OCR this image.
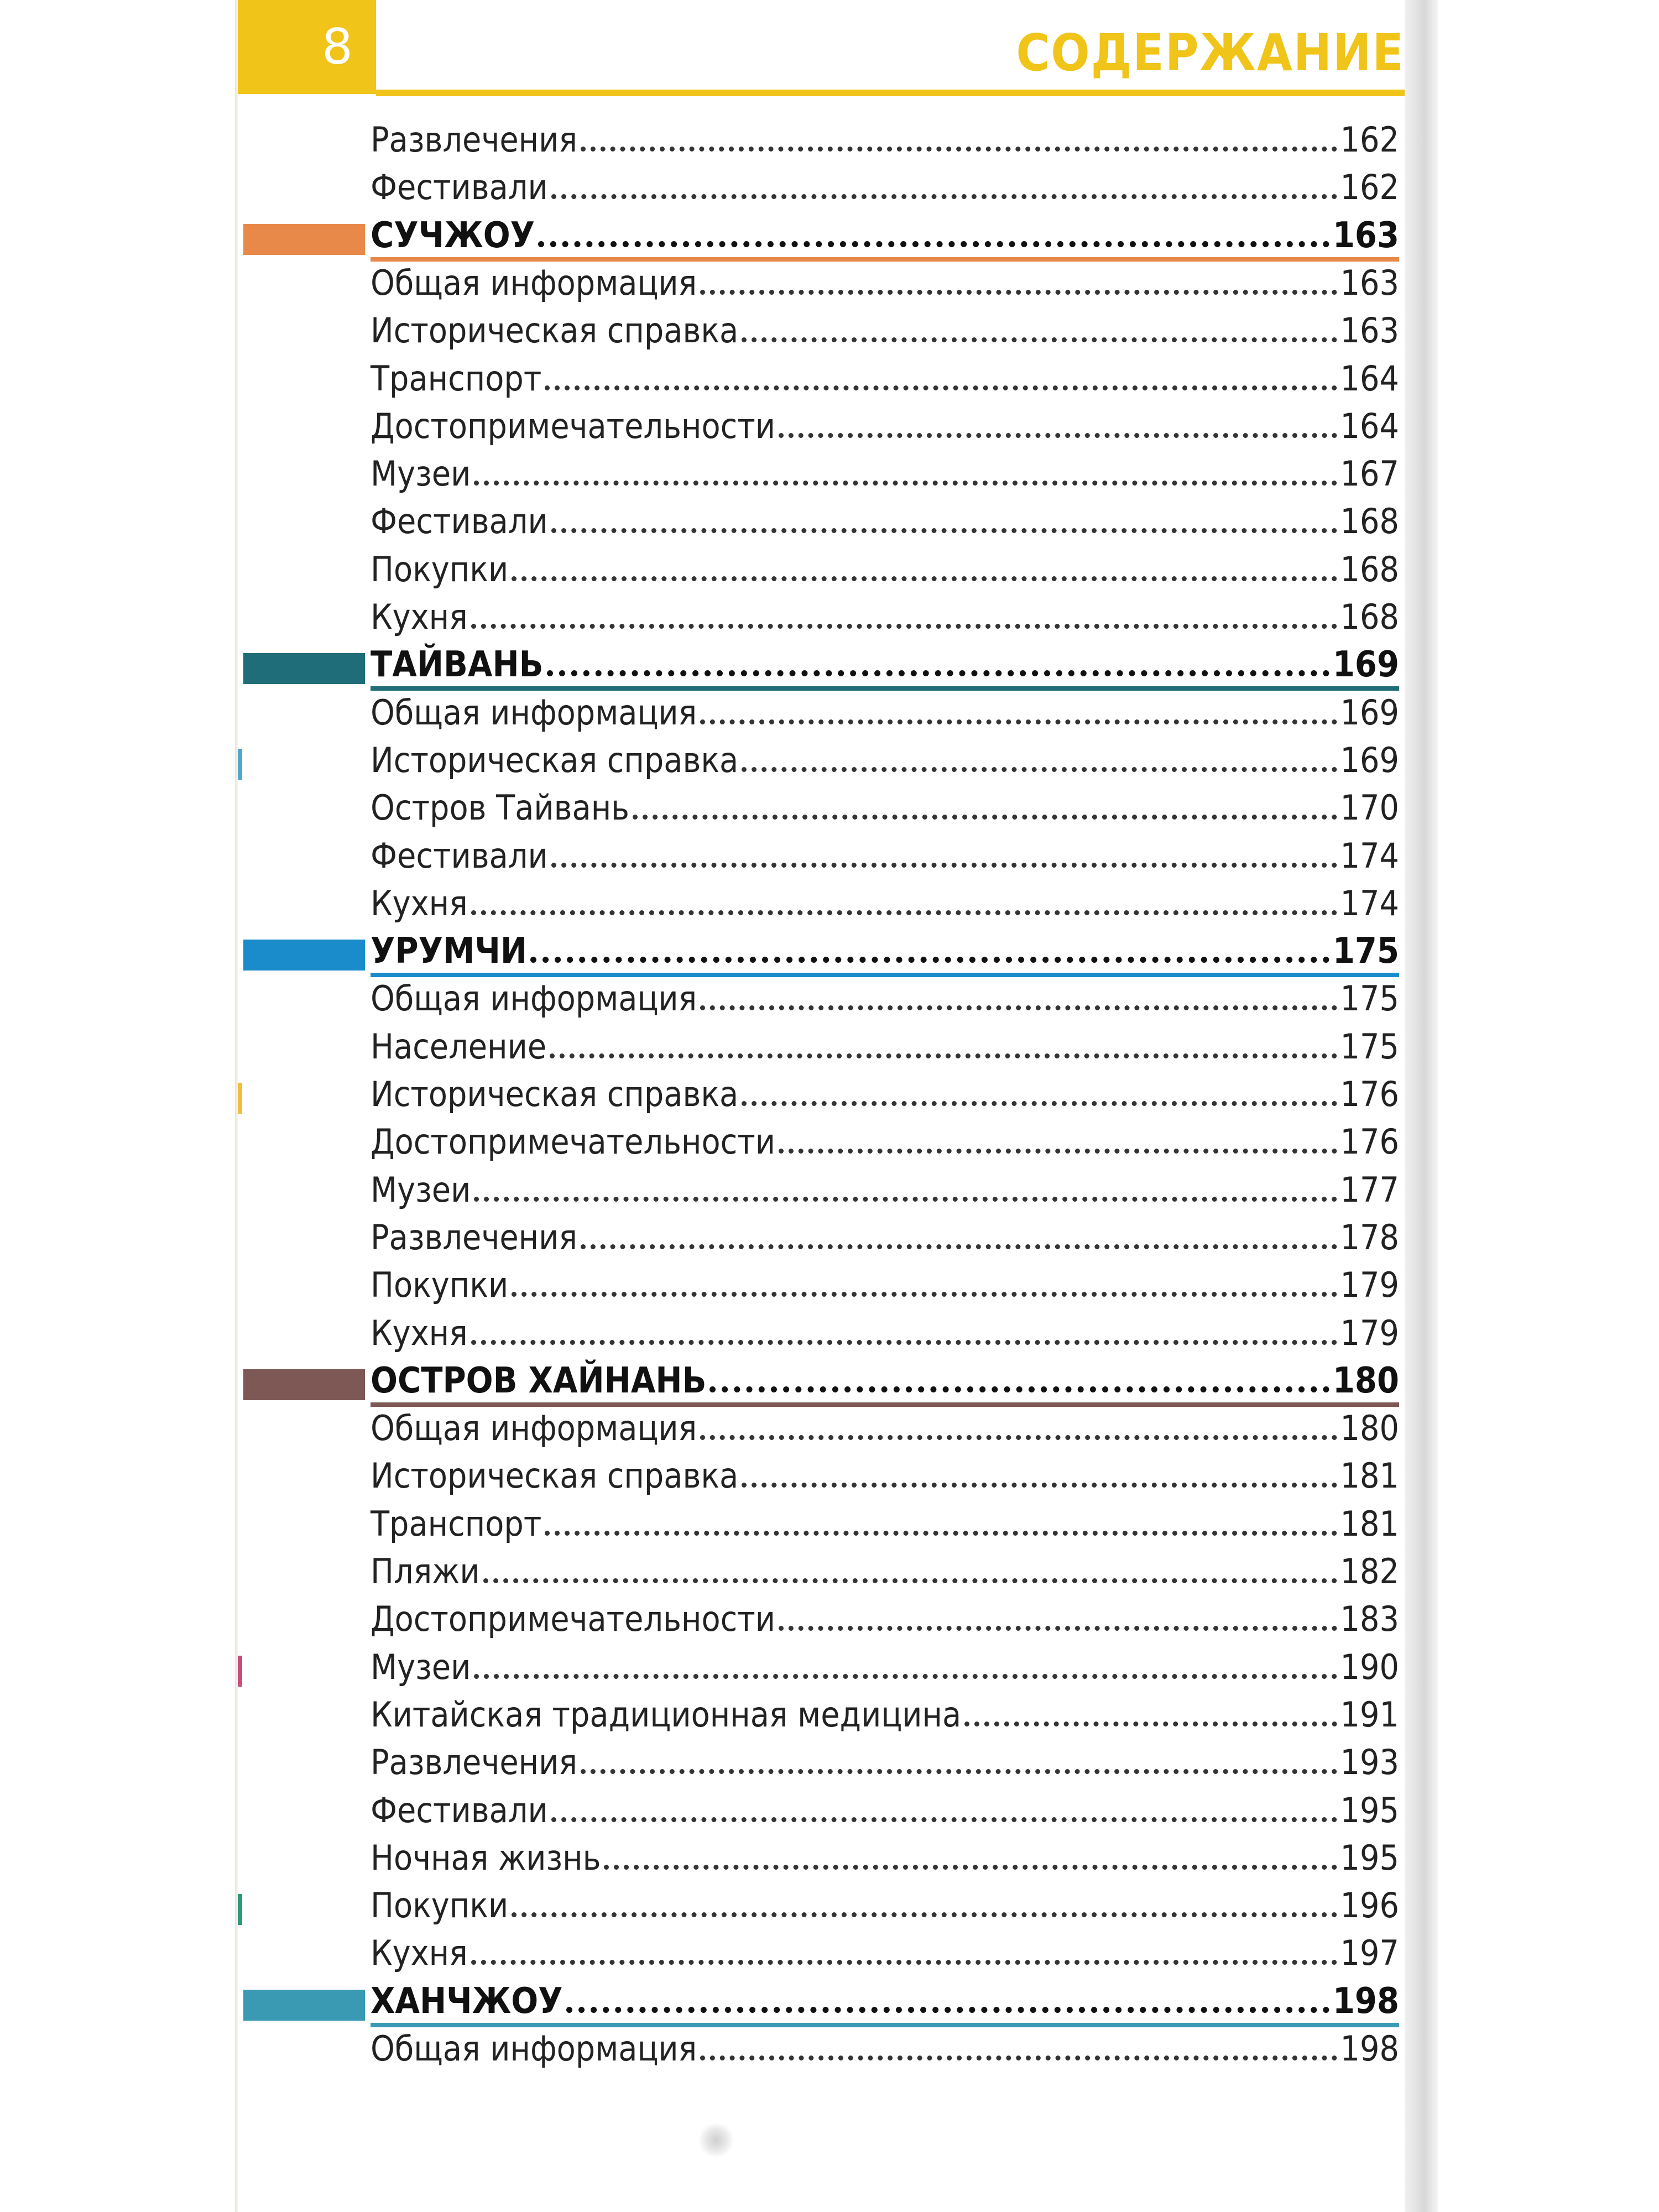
8	СОДЕРЖАНИЕ
Развлечения	162
Фестивали	162
СУЧЖОУ	163
Общая информация	163
Историческая справка	163
Транспорт	164
Достопримечательности	164
Музеи	167
Фестивали	168
Покупки	168
Кухня	168
ТАЙВАНЬ	169
Общая информация	169
Историческая справка	169
Остров Тайвань	170
Фестивали	174
Кухня	174
УРУМЧИ	175
Общая информация	175
Население	175
Историческая справка	176
Достопримечательности	176
Музеи	177
Развлечения	178
Покупки	179
Кухня	179
ОСТРОВ ХАЙНАНЬ	180
Общая информация	180
Историческая справка	181
Транспорт	181
Пляжи	182
Достопримечательности	183
Музеи	190
Китайская традиционная медицина	191
Развлечения	193
Фестивали	195
Ночная жизнь	195
Покупки	196
Кухня	197
ХАНЧЖОУ	198
Общая информация	198
